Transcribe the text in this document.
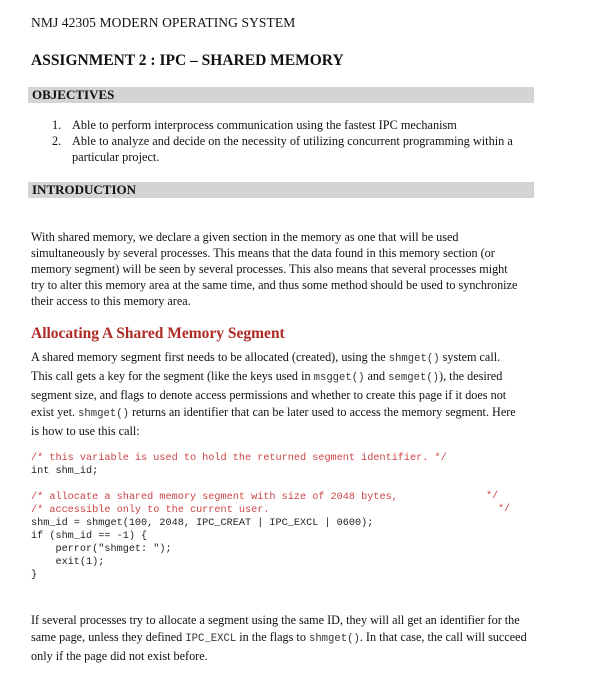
NMJ 42305 MODERN OPERATING SYSTEM
ASSIGNMENT 2 : IPC – SHARED MEMORY
OBJECTIVES
1. Able to perform interprocess communication using the fastest IPC mechanism
2. Able to analyze and decide on the necessity of utilizing concurrent programming within a particular project.
INTRODUCTION
With shared memory, we declare a given section in the memory as one that will be used simultaneously by several processes. This means that the data found in this memory section (or memory segment) will be seen by several processes. This also means that several processes might try to alter this memory area at the same time, and thus some method should be used to synchronize their access to this memory area.
Allocating A Shared Memory Segment
A shared memory segment first needs to be allocated (created), using the shmget() system call. This call gets a key for the segment (like the keys used in msgget() and semget()), the desired segment size, and flags to denote access permissions and whether to create this page if it does not exist yet. shmget() returns an identifier that can be later used to access the memory segment. Here is how to use this call:
/* this variable is used to hold the returned segment identifier. */
int shm_id;
/* allocate a shared memory segment with size of 2048 bytes,
/* accessible only to the current user.
shm_id = shmget(100, 2048, IPC_CREAT | IPC_EXCL | 0600);
if (shm_id == -1) {
perror("shmget: ");
exit(1);
}
*/
*/
If several processes try to allocate a segment using the same ID, they will all get an identifier for the same page, unless they defined IPC_EXCL in the flags to shmget(). In that case, the call will succeed only if the page did not exist before.
